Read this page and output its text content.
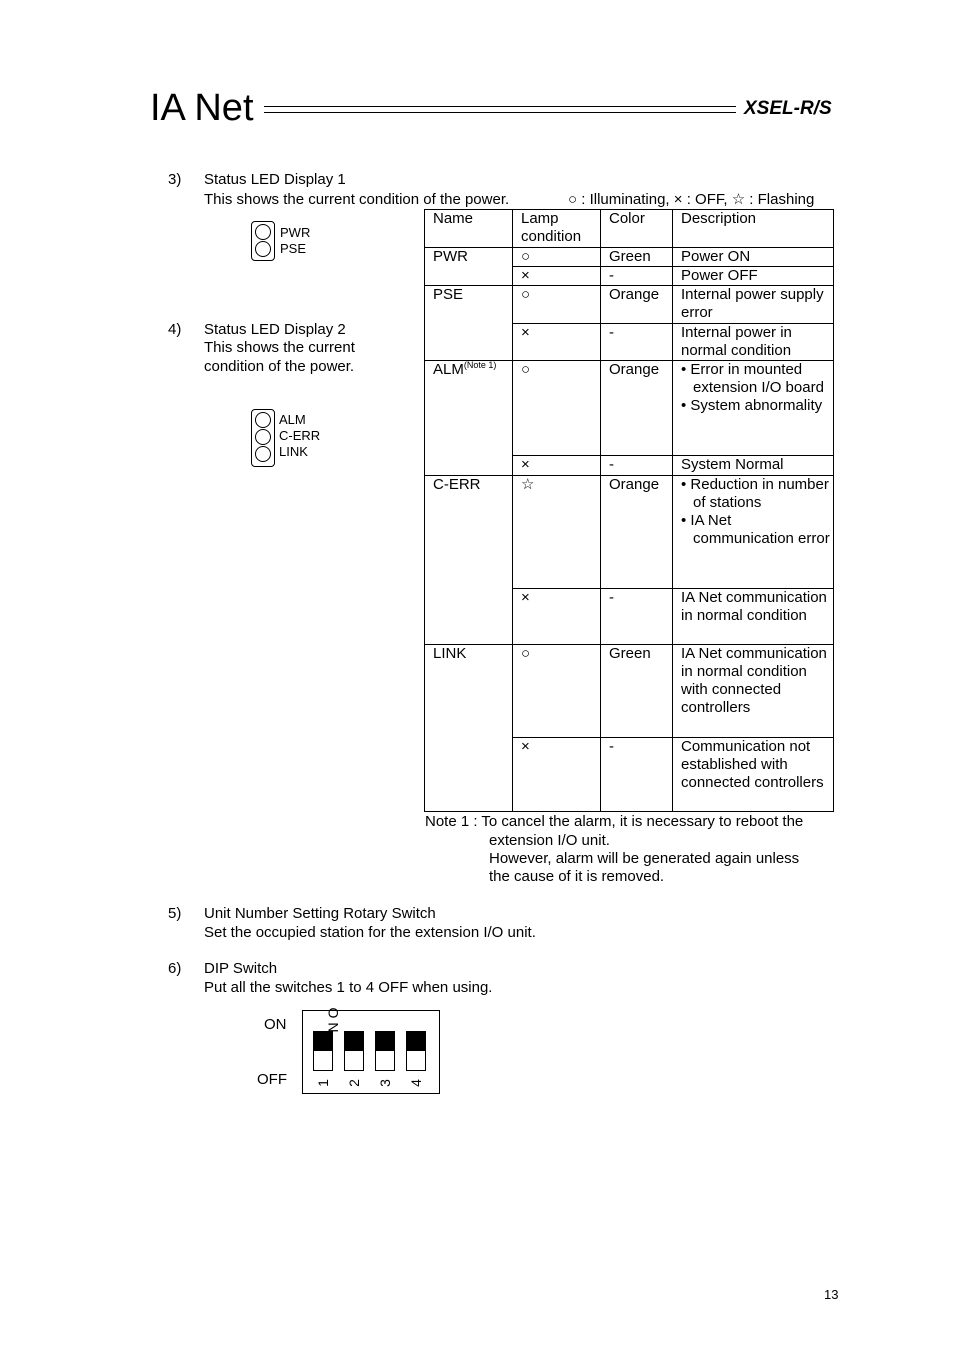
IA Net	XSEL-R/S
3) Status LED Display 1
This shows the current condition of the power.	○ : Illuminating, × : OFF, ☆ : Flashing
PWR
PSE
4) Status LED Display 2
This shows the current
condition of the power.
ALM
C-ERR
LINK
Name	Lamp condition	Color	Description
PWR	○	Green	Power ON
	×	-	Power OFF
PSE	○	Orange	Internal power supply error
	×	-	Internal power in normal condition
$ALM^{(Note 1)}$	○	Orange	• Error in mounted extension I/O board
• System abnormality

	×	-	System Normal
C-ERR	☆	Orange	• Reduction in number of stations
• IA Net communication error

	×	-	IA Net communication in normal condition
LINK	○	Green	IA Net communication in normal condition with connected controllers
	×	-	Communication not established with connected controllers
Note 1 : To cancel the alarm, it is necessary to reboot the
extension I/O unit.
However, alarm will be generated again unless
the cause of it is removed.
5) Unit Number Setting Rotary Switch
Set the occupied station for the extension I/O unit.
6) DIP Switch
Put all the switches 1 to 4 OFF when using.
ON
OFF
O N
1 2 3 4
13
